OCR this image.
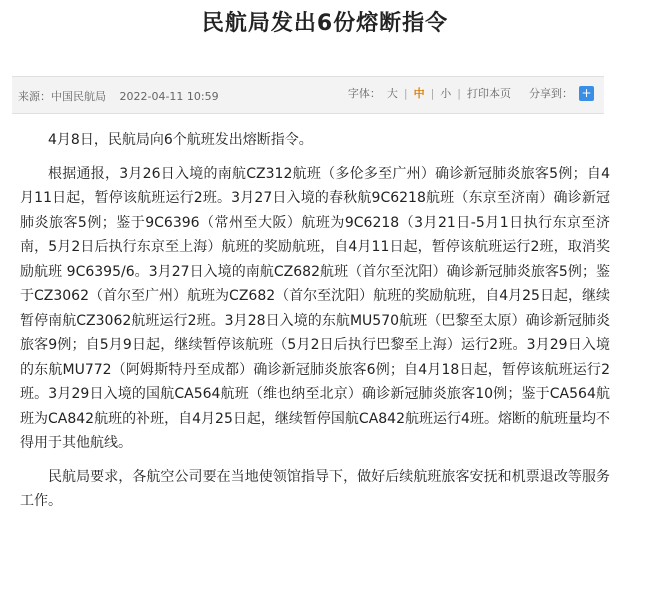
民航局发出6份熔断指令
来源：中国民航局 2022-04-11 10:59	字体： 大 | 中 | 小 | 打印本页	分享到： +

4月8日，民航局向6个航班发出熔断指令。

根据通报，3月26日入境的南航CZ312航班（多伦多至广州）确诊新冠肺炎旅客5例；自4月11日起，暂停该航班运行2班。3月27日入境的春秋航9C6218航班（东京至济南）确诊新冠肺炎旅客5例；鉴于9C6396（常州至大阪）航班为9C6218（3月21日-5月1日执行东京至济南，5月2日后执行东京至上海）航班的奖励航班，自4月11日起，暂停该航班运行2班，取消奖励航班 9C6395/6。3月27日入境的南航CZ682航班（首尔至沈阳）确诊新冠肺炎旅客5例；鉴于CZ3062（首尔至广州）航班为CZ682（首尔至沈阳）航班的奖励航班，自4月25日起，继续暂停南航CZ3062航班运行2班。3月28日入境的东航MU570航班（巴黎至太原）确诊新冠肺炎旅客9例；自5月9日起，继续暂停该航班（5月2日后执行巴黎至上海）运行2班。3月29日入境的东航MU772（阿姆斯特丹至成都）确诊新冠肺炎旅客6例；自4月18日起，暂停该航班运行2班。3月29日入境的国航CA564航班（维也纳至北京）确诊新冠肺炎旅客10例；鉴于CA564航班为CA842航班的补班，自4月25日起，继续暂停国航CA842航班运行4班。熔断的航班量均不得用于其他航线。

民航局要求，各航空公司要在当地使领馆指导下，做好后续航班旅客安抚和机票退改等服务工作。
